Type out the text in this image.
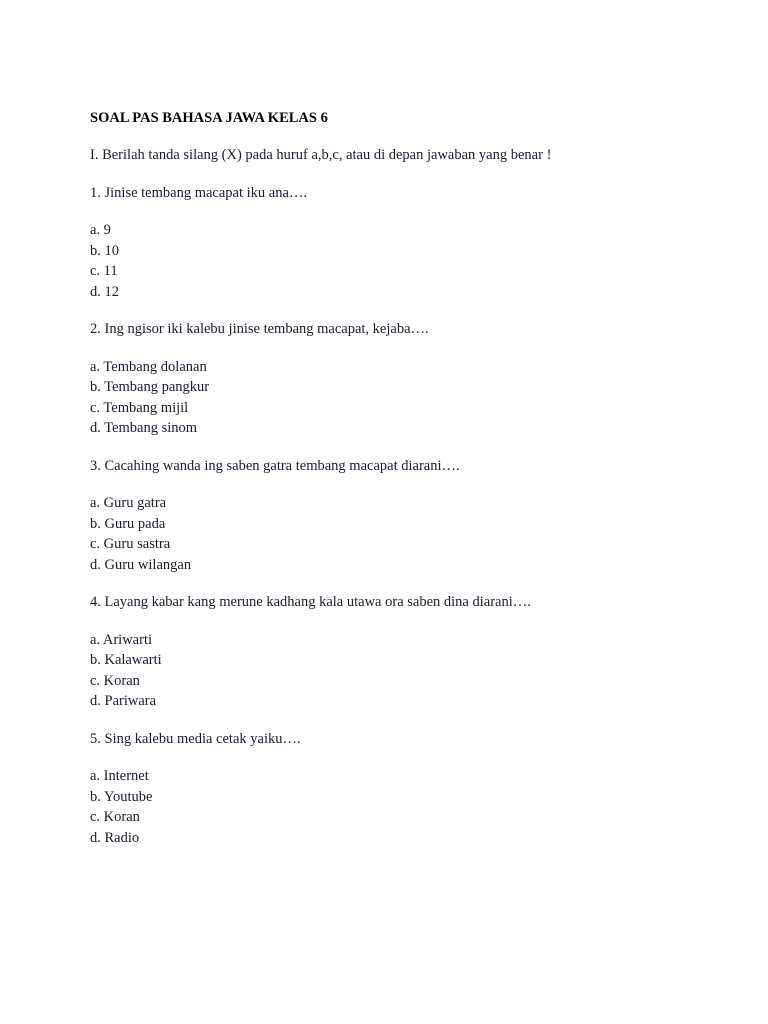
SOAL PAS BAHASA JAWA KELAS 6

I. Berilah tanda silang (X) pada huruf a,b,c, atau di depan jawaban yang benar !

1. Jinise tembang macapat iku ana….

a. 9
b. 10
c. 11
d. 12

2. Ing ngisor iki kalebu jinise tembang macapat, kejaba….

a. Tembang dolanan
b. Tembang pangkur
c. Tembang mijil
d. Tembang sinom

3. Cacahing wanda ing saben gatra tembang macapat diarani….

a. Guru gatra
b. Guru pada
c. Guru sastra
d. Guru wilangan

4. Layang kabar kang merune kadhang kala utawa ora saben dina diarani….

a. Ariwarti
b. Kalawarti
c. Koran
d. Pariwara

5. Sing kalebu media cetak yaiku….

a. Internet
b. Youtube
c. Koran
d. Radio
